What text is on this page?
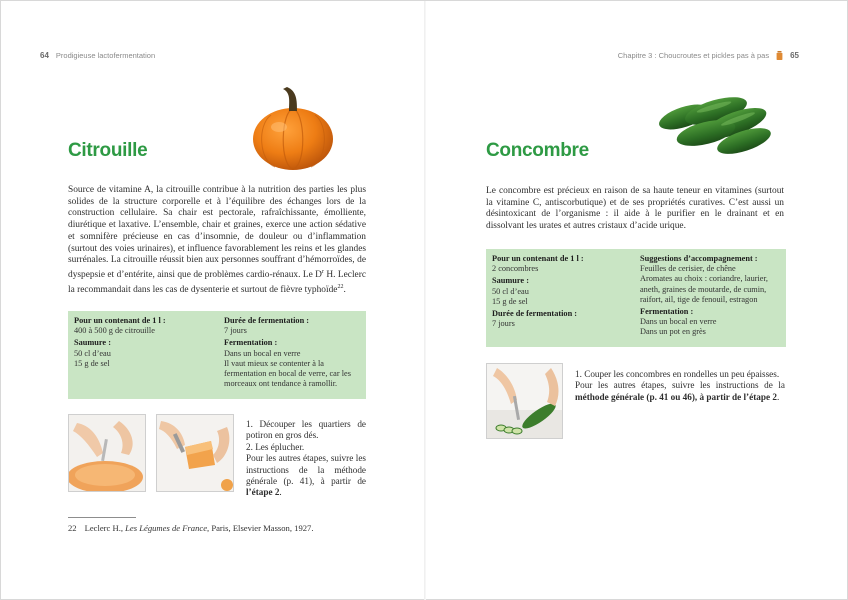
64 Prodigieuse lactofermentation
Citrouille
Source de vitamine A, la citrouille contribue à la nutrition des parties les plus solides de la structure corporelle et à l’équilibre des échanges lors de la construction cellulaire. Sa chair est pectorale, rafraîchissante, émolliente, diurétique et laxative. L’ensemble, chair et graines, exerce une action sédative et somnifère précieuse en cas d’insomnie, de douleur ou d’inflammation (surtout des voies urinaires), et influence favorablement les reins et les glandes surrénales. La citrouille réussit bien aux personnes souffrant d’hémorroïdes, de dyspepsie et d’entérite, ainsi que de problèmes cardio-rénaux. Le $D^r$ H. Leclerc la recommandait dans les cas de dysenterie et surtout de fièvre typhoïde$^{22}$.
Pour un contenant de 1 l :
400 à 500 g de citrouille
Saumure :
50 cl d’eau
15 g de sel
Durée de fermentation :
7 jours
Fermentation :
Dans un bocal en verre
Il vaut mieux se contenter à la fermentation en bocal de verre, car les morceaux ont tendance à ramollir.

1. Découper les quartiers de potiron en gros dés.

2. Les éplucher.

Pour les autres étapes, suivre les instructions de la méthode générale (p. 41), à partir de l’étape 2.

22 Leclerc H., Les Légumes de France, Paris, Elsevier Masson, 1927.
Chapitre 3 : Choucroutes et pickles pas à pas	65
Concombre
Le concombre est précieux en raison de sa haute teneur en vitamines (surtout la vitamine C, antiscorbutique) et de ses propriétés curatives. C’est aussi un désintoxicant de l’organisme : il aide à le purifier en le drainant et en dissolvant les urates et autres cristaux d’acide urique.
Pour un contenant de 1 l :
2 concombres
Saumure :
50 cl d’eau
15 g de sel
Durée de fermentation :
7 jours
Suggestions d’accompagnement :
Feuilles de cerisier, de chêne
Aromates au choix : coriandre, laurier, aneth, graines de moutarde, de cumin, raifort, ail, tige de fenouil, estragon
Fermentation :
Dans un bocal en verre
Dans un pot en grès

1. Couper les concombres en rondelles un peu épaisses.

Pour les autres étapes, suivre les instructions de la méthode générale (p. 41 ou 46), à partir de l’étape 2.
